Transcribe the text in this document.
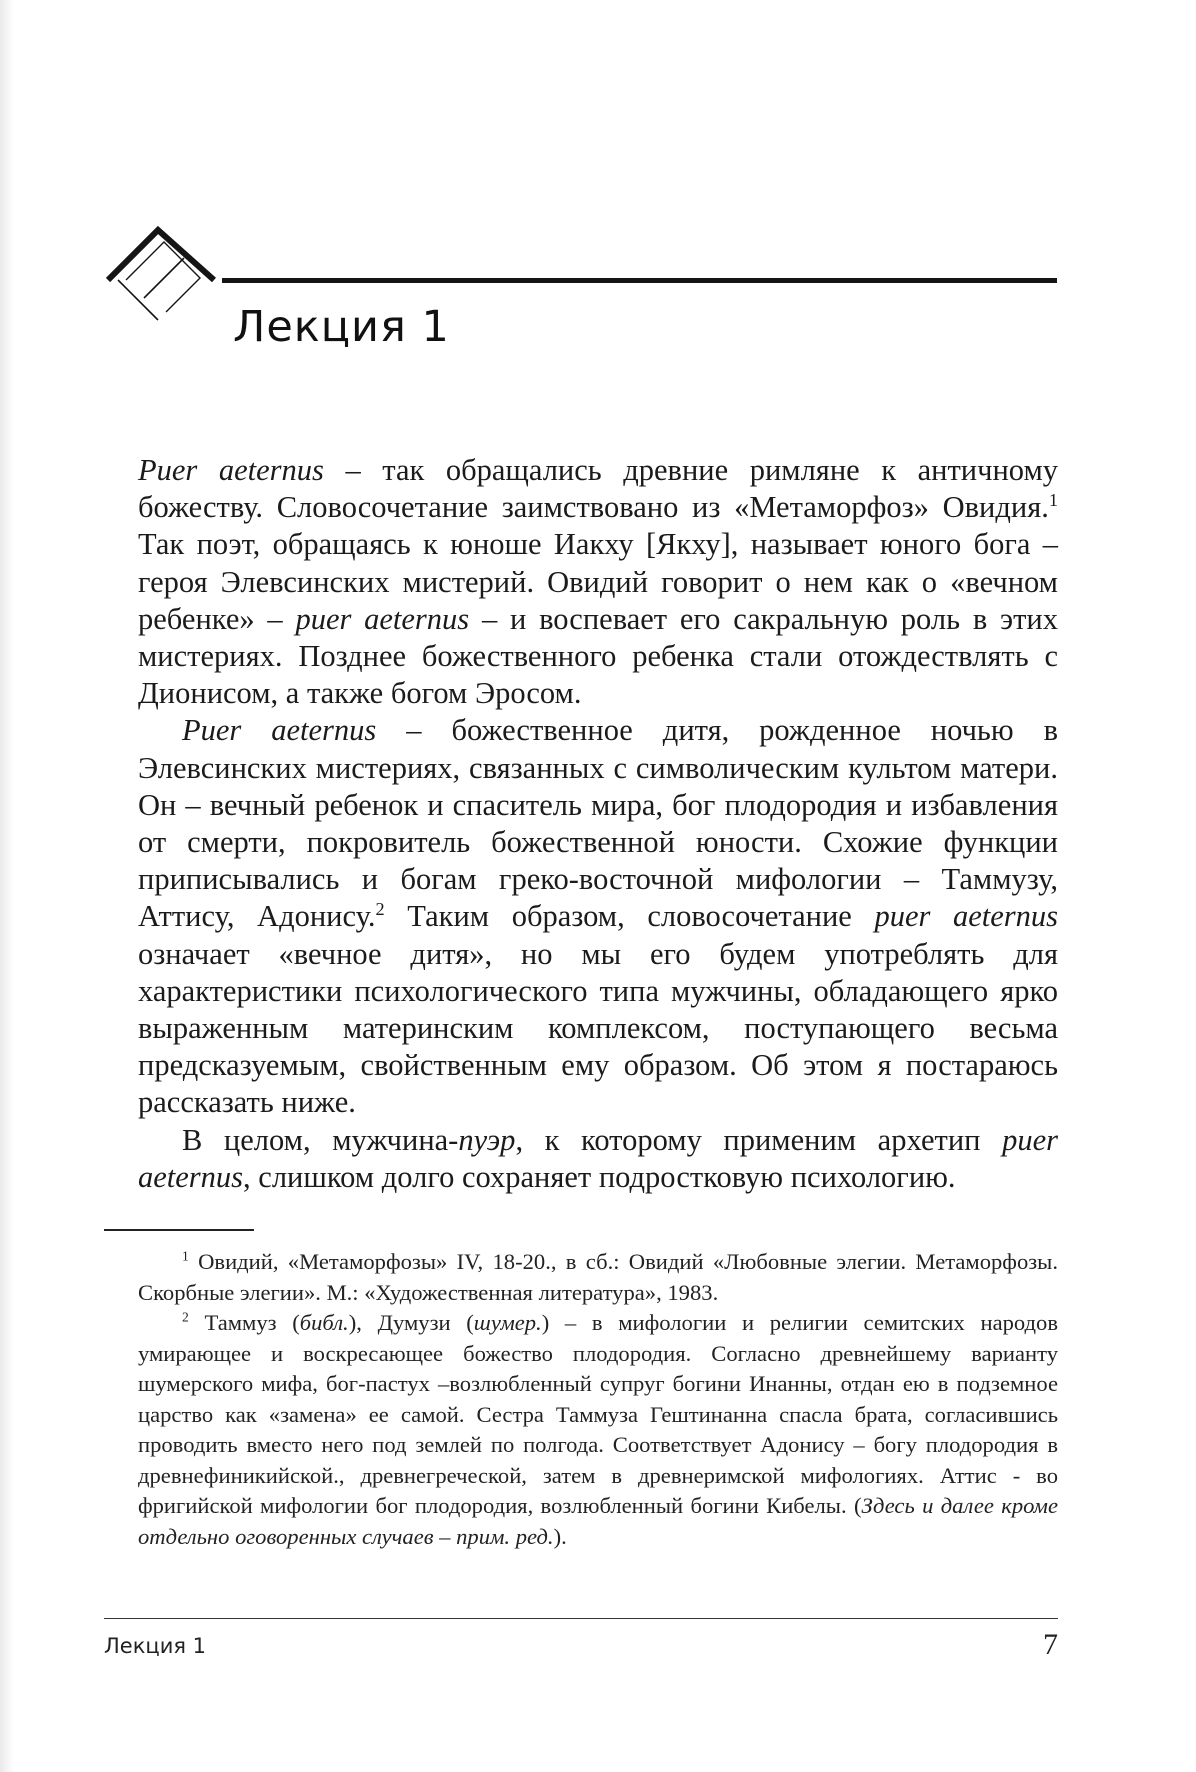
Лекция 1

Puer aeternus – так обращались древние римляне к античному божеству. Словосочетание заимствовано из «Метаморфоз» Овидия.$^1$ Так поэт, обращаясь к юноше Иакху [Якху], называет юного бога – героя Элевсинских мистерий. Овидий говорит о нем как о «вечном ребенке» – puer aeternus – и воспевает его сакральную роль в этих мистериях. Позднее божественного ребенка стали отождествлять с Дионисом, а также богом Эросом.

Puer aeternus – божественное дитя, рожденное ночью в Элевсинских мистериях, связанных с символическим культом матери. Он – вечный ребенок и спаситель мира, бог плодородия и избавления от смерти, покровитель божественной юности. Схожие функции приписывались и богам греко-восточной мифологии – Таммузу, Аттису, Адонису.$^2$ Таким образом, словосочетание puer aeternus означает «вечное дитя», но мы его будем употреблять для характеристики психологического типа мужчины, обладающего ярко выраженным материнским комплексом, поступающего весьма предсказуемым, свойственным ему образом. Об этом я постараюсь рассказать ниже.

В целом, мужчина-пуэр, к которому применим архетип puer aeternus, слишком долго сохраняет подростковую психологию.

$^1$ Овидий, «Метаморфозы» IV, 18-20., в сб.: Овидий «Любовные элегии. Метаморфозы. Скорбные элегии». М.: «Художественная литература», 1983.

$^2$ Таммуз (библ.), Думузи (шумер.) – в мифологии и религии семитских народов умирающее и воскресающее божество плодородия. Согласно древнейшему варианту шумерского мифа, бог-пастух –возлюбленный супруг богини Инанны, отдан ею в подземное царство как «замена» ее самой. Сестра Таммуза Гештинанна спасла брата, согласившись проводить вместо него под землей по полгода. Соответствует Адонису – богу плодородия в древнефиникийской., древнегреческой, затем в древнеримской мифологиях. Аттис - во фригийской мифологии бог плодородия, возлюбленный богини Кибелы. (Здесь и далее кроме отдельно оговоренных случаев – прим. ред.).

Лекция 1	7
